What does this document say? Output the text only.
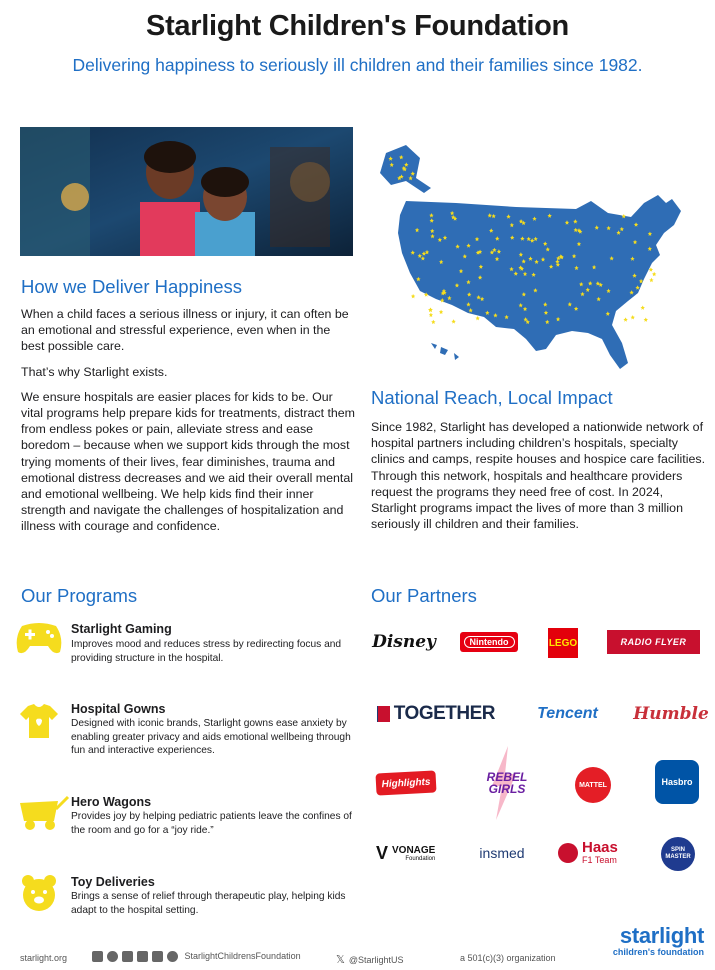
Starlight Children's Foundation
Delivering happiness to seriously ill children and their families since 1982.
How we Deliver Happiness

When a child faces a serious illness or injury, it can often be an emotional and stressful experience, even when in the best possible care.

That’s why Starlight exists.

We ensure hospitals are easier places for kids to be. Our vital programs help prepare kids for treatments, distract them from endless pokes or pain, alleviate stress and ease boredom – because when we support kids through the most trying moments of their lives, fear diminishes, trauma and emotional distress decreases and we aid their overall mental and emotional wellbeing. We help kids find their inner strength and navigate the challenges of hospitalization and illness with courage and confidence.

National Reach, Local Impact
Since 1982, Starlight has developed a nationwide network of hospital partners including children’s hospitals, specialty clinics and camps, respite houses and hospice care facilities. Through this network, hospitals and healthcare providers request the programs they need free of cost. In 2024, Starlight programs impact the lives of more than 3 million seriously ill children and their families.
Our Programs
Starlight Gaming
Improves mood and reduces stress by redirecting focus and providing structure in the hospital.
Hospital Gowns
Designed with iconic brands, Starlight gowns ease anxiety by enabling greater privacy and aids emotional wellbeing through fun and interactive experiences.
Hero Wagons
Provides joy by helping pediatric patients leave the confines of the room and go for a “joy ride.”
Toy Deliveries
Brings a sense of relief through therapeutic play, helping kids adapt to the hospital setting.
Our Partners
Disney	Nintendo	LEGO	RADIO FLYER
TOGETHER	Tencent	Humble
Highlights	REBEL
GIRLS	MATTEL	Hasbro
V VONAGE
Foundation	insmed	Haas
F1 Team
SPIN MASTER
starlight.org	StarlightChildrensFoundation	𝕏 @StarlightUS	a 501(c)(3) organization
starlight
children's foundation
